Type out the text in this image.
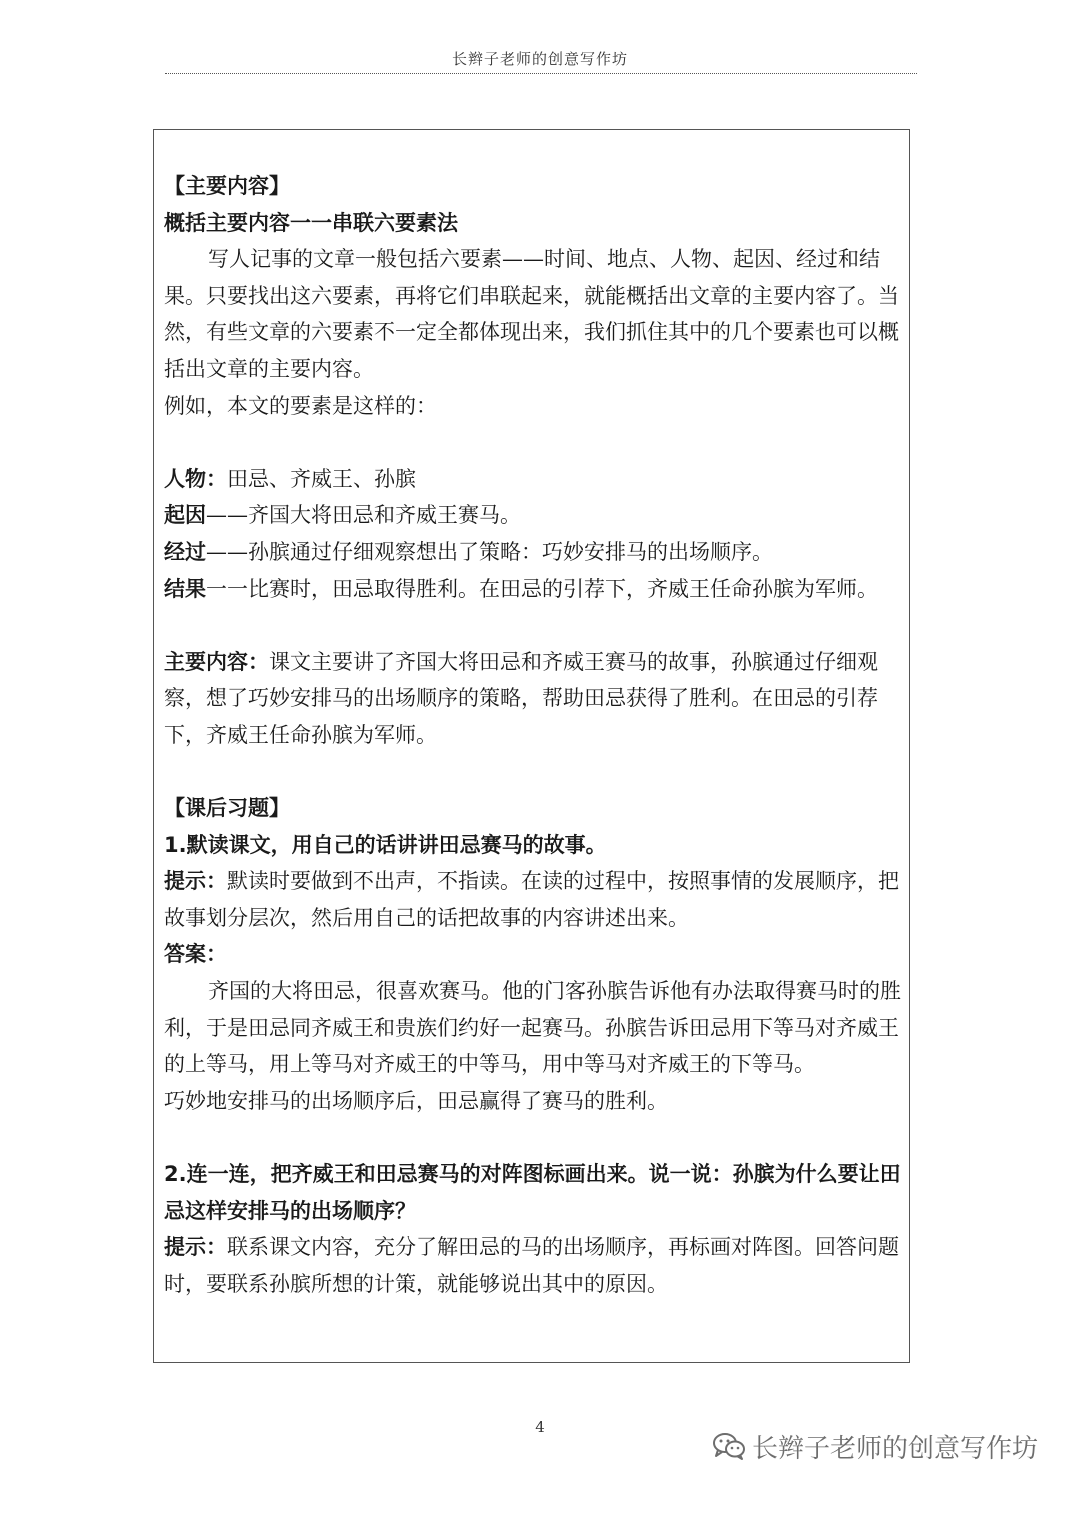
长辫子老师的创意写作坊

【主要内容】

概括主要内容一一串联六要素法

写人记事的文章一般包括六要素——时间、地点、人物、起因、经过和结果。只要找出这六要素，再将它们串联起来，就能概括出文章的主要内容了。当然，有些文章的六要素不一定全都体现出来，我们抓住其中的几个要素也可以概括出文章的主要内容。

例如，本文的要素是这样的：

人物：田忌、齐威王、孙膑

起因——齐国大将田忌和齐威王赛马。

经过——孙膑通过仔细观察想出了策略：巧妙安排马的出场顺序。

结果一一比赛时，田忌取得胜利。在田忌的引荐下，齐威王任命孙膑为军师。

主要内容：课文主要讲了齐国大将田忌和齐威王赛马的故事，孙膑通过仔细观察，想了巧妙安排马的出场顺序的策略，帮助田忌获得了胜利。在田忌的引荐下，齐威王任命孙膑为军师。

【课后习题】

1.默读课文，用自己的话讲讲田忌赛马的故事。

提示：默读时要做到不出声，不指读。在读的过程中，按照事情的发展顺序，把故事划分层次，然后用自己的话把故事的内容讲述出来。

答案：

齐国的大将田忌，很喜欢赛马。他的门客孙膑告诉他有办法取得赛马时的胜利，于是田忌同齐威王和贵族们约好一起赛马。孙膑告诉田忌用下等马对齐威王的上等马，用上等马对齐威王的中等马，用中等马对齐威王的下等马。

巧妙地安排马的出场顺序后，田忌赢得了赛马的胜利。

2.连一连，把齐威王和田忌赛马的对阵图标画出来。说一说：孙膑为什么要让田忌这样安排马的出场顺序？

提示：联系课文内容，充分了解田忌的马的出场顺序，再标画对阵图。回答问题时，要联系孙膑所想的计策，就能够说出其中的原因。

4
长辫子老师的创意写作坊
